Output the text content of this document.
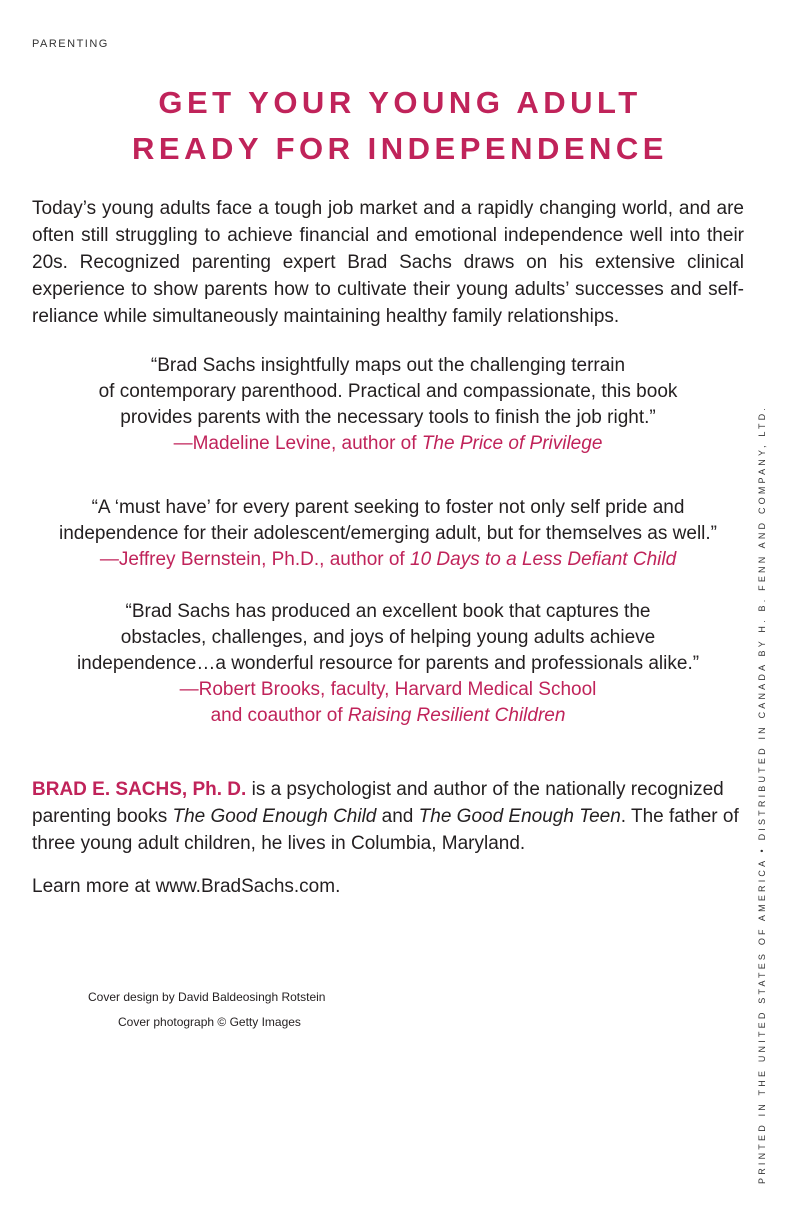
PARENTING
GET YOUR YOUNG ADULT
READY FOR INDEPENDENCE
Today’s young adults face a tough job market and a rapidly changing world, and are often still struggling to achieve financial and emotional independence well into their 20s. Recognized parenting expert Brad Sachs draws on his extensive clinical experience to show parents how to cultivate their young adults’ successes and self-reliance while simultaneously maintaining healthy family relationships.
“Brad Sachs insightfully maps out the challenging terrain
of contemporary parenthood. Practical and compassionate, this book
provides parents with the necessary tools to finish the job right.”
—Madeline Levine, author of The Price of Privilege
“A ‘must have’ for every parent seeking to foster not only self pride and
independence for their adolescent/emerging adult, but for themselves as well.”
—Jeffrey Bernstein, Ph.D., author of 10 Days to a Less Defiant Child
“Brad Sachs has produced an excellent book that captures the
obstacles, challenges, and joys of helping young adults achieve
independence…a wonderful resource for parents and professionals alike.”
—Robert Brooks, faculty, Harvard Medical School
and coauthor of Raising Resilient Children
BRAD E. SACHS, Ph. D. is a psychologist and author of the nationally recognized parenting books The Good Enough Child and The Good Enough Teen. The father of three young adult children, he lives in Columbia, Maryland.
Learn more at www.BradSachs.com.
Cover design by David Baldeosingh Rotstein
Cover photograph © Getty Images	PRINTED IN THE UNITED STATES OF AMERICA • DISTRIBUTED IN CANADA BY H. B. FENN AND COMPANY, LTD.
